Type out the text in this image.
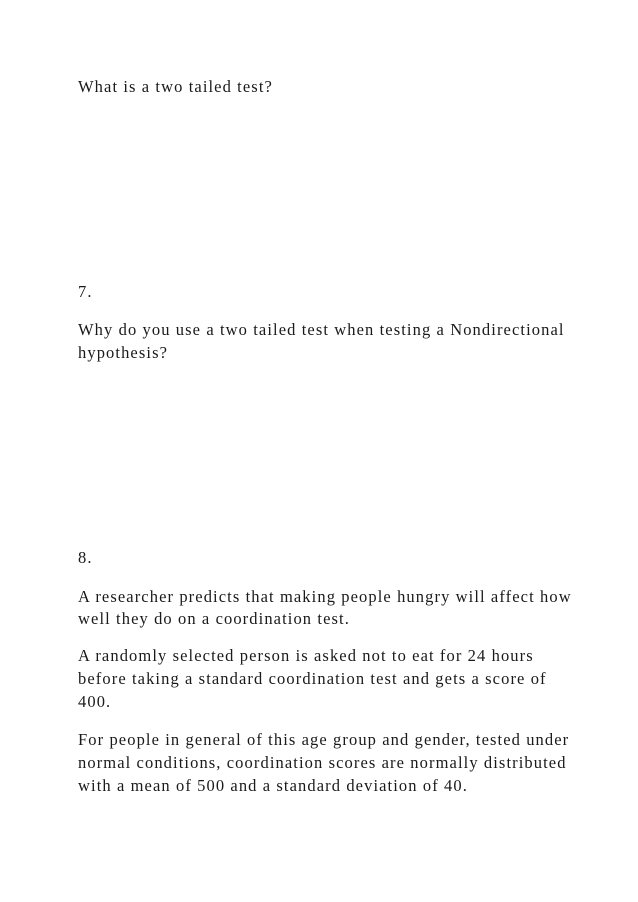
What is a two tailed test?
7.
Why do you use a two tailed test when testing a Nondirectional
hypothesis?
8.
A researcher predicts that making people hungry will affect how
well they do on a coordination test.
A randomly selected person is asked not to eat for 24 hours
before taking a standard coordination test and gets a score of
400.
For people in general of this age group and gender, tested under
normal conditions, coordination scores are normally distributed
with a mean of 500 and a standard deviation of 40.
